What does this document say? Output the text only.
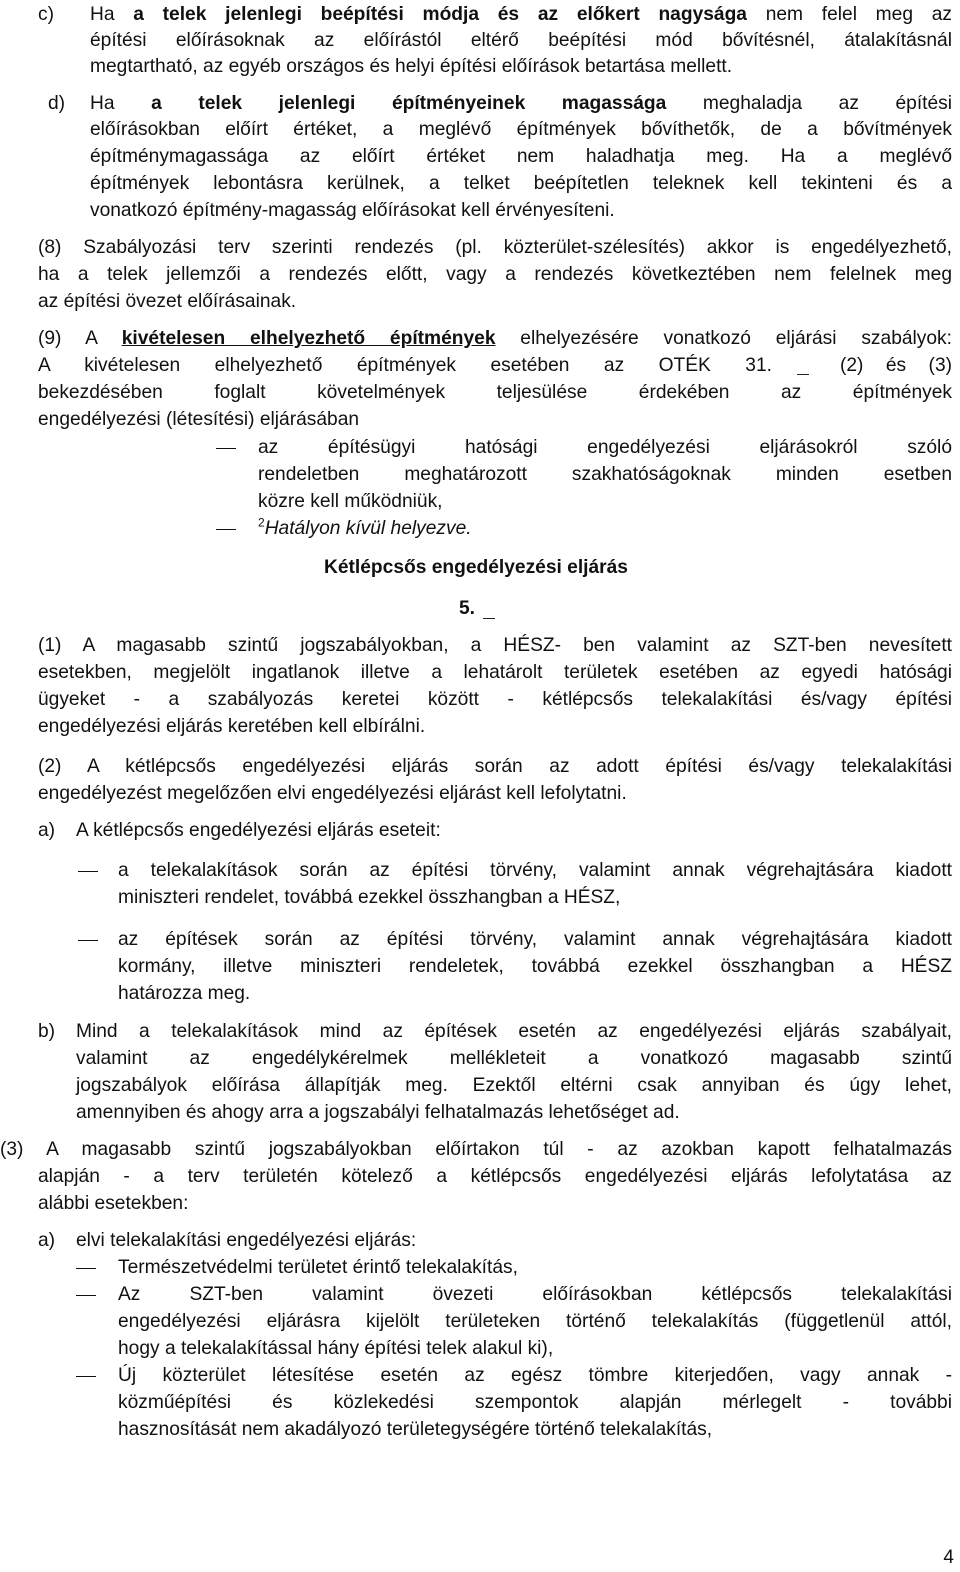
c) Ha a telek jelenlegi beépítési módja és az előkert nagysága nem felel meg az
építési előírásoknak az előírástól eltérő beépítési mód bővítésnél, átalakításnál
megtartható, az egyéb országos és helyi építési előírások betartása mellett.
d) Ha a telek jelenlegi építményeinek magassága meghaladja az építési
előírásokban előírt értéket, a meglévő építmények bővíthetők, de a bővítmények
építménymagassága az előírt értéket nem haladhatja meg. Ha a meglévő
építmények lebontásra kerülnek, a telket beépítetlen teleknek kell tekinteni és a
vonatkozó építmény-magasság előírásokat kell érvényesíteni.
(8) Szabályozási terv szerinti rendezés (pl. közterület-szélesítés) akkor is engedélyezhető,
ha a telek jellemzői a rendezés előtt, vagy a rendezés következtében nem felelnek meg
az építési övezet előírásainak.
(9) A kivételesen elhelyezhető építmények elhelyezésére vonatkozó eljárási szabályok:
A kivételesen elhelyezhető építmények esetében az OTÉK 31.	(2) és (3)
bekezdésében foglalt követelmények teljesülése érdekében az építmények
engedélyezési (létesítési) eljárásában
az építésügyi hatósági engedélyezési eljárásokról szóló
rendeletben meghatározott szakhatóságoknak minden esetben
közre kell működniük,
$^2$Hatályon kívül helyezve.
Kétlépcsős engedélyezési eljárás
5.
(1) A magasabb szintű jogszabályokban, a HÉSZ- ben valamint az SZT-ben nevesített
esetekben, megjelölt ingatlanok illetve a lehatárolt területek esetében az egyedi hatósági
ügyeket - a szabályozás keretei között - kétlépcsős telekalakítási és/vagy építési
engedélyezési eljárás keretében kell elbírálni.
(2) A kétlépcsős engedélyezési eljárás során az adott építési és/vagy telekalakítási
engedélyezést megelőzően elvi engedélyezési eljárást kell lefolytatni.
a) A kétlépcsős engedélyezési eljárás eseteit:
a telekalakítások során az építési törvény, valamint annak végrehajtására kiadott
miniszteri rendelet, továbbá ezekkel összhangban a HÉSZ,
az építések során az építési törvény, valamint annak végrehajtására kiadott
kormány, illetve miniszteri rendeletek, továbbá ezekkel összhangban a HÉSZ
határozza meg.
b) Mind a telekalakítások mind az építések esetén az engedélyezési eljárás szabályait,
valamint az engedélykérelmek mellékleteit a vonatkozó magasabb szintű
jogszabályok előírása állapítják meg. Ezektől eltérni csak annyiban és úgy lehet,
amennyiben és ahogy arra a jogszabályi felhatalmazás lehetőséget ad.
(3) A magasabb szintű jogszabályokban előírtakon túl - az azokban kapott felhatalmazás
alapján - a terv területén kötelező a kétlépcsős engedélyezési eljárás lefolytatása az
alábbi esetekben:
a) elvi telekalakítási engedélyezési eljárás:
Természetvédelmi területet érintő telekalakítás,
Az SZT-ben valamint övezeti előírásokban kétlépcsős telekalakítási
engedélyezési eljárásra kijelölt területeken történő telekalakítás (függetlenül attól,
hogy a telekalakítással hány építési telek alakul ki),
Új közterület létesítése esetén az egész tömbre kiterjedően, vagy annak -
közműépítési és közlekedési szempontok alapján mérlegelt - további
hasznosítását nem akadályozó területegységére történő telekalakítás,
4
